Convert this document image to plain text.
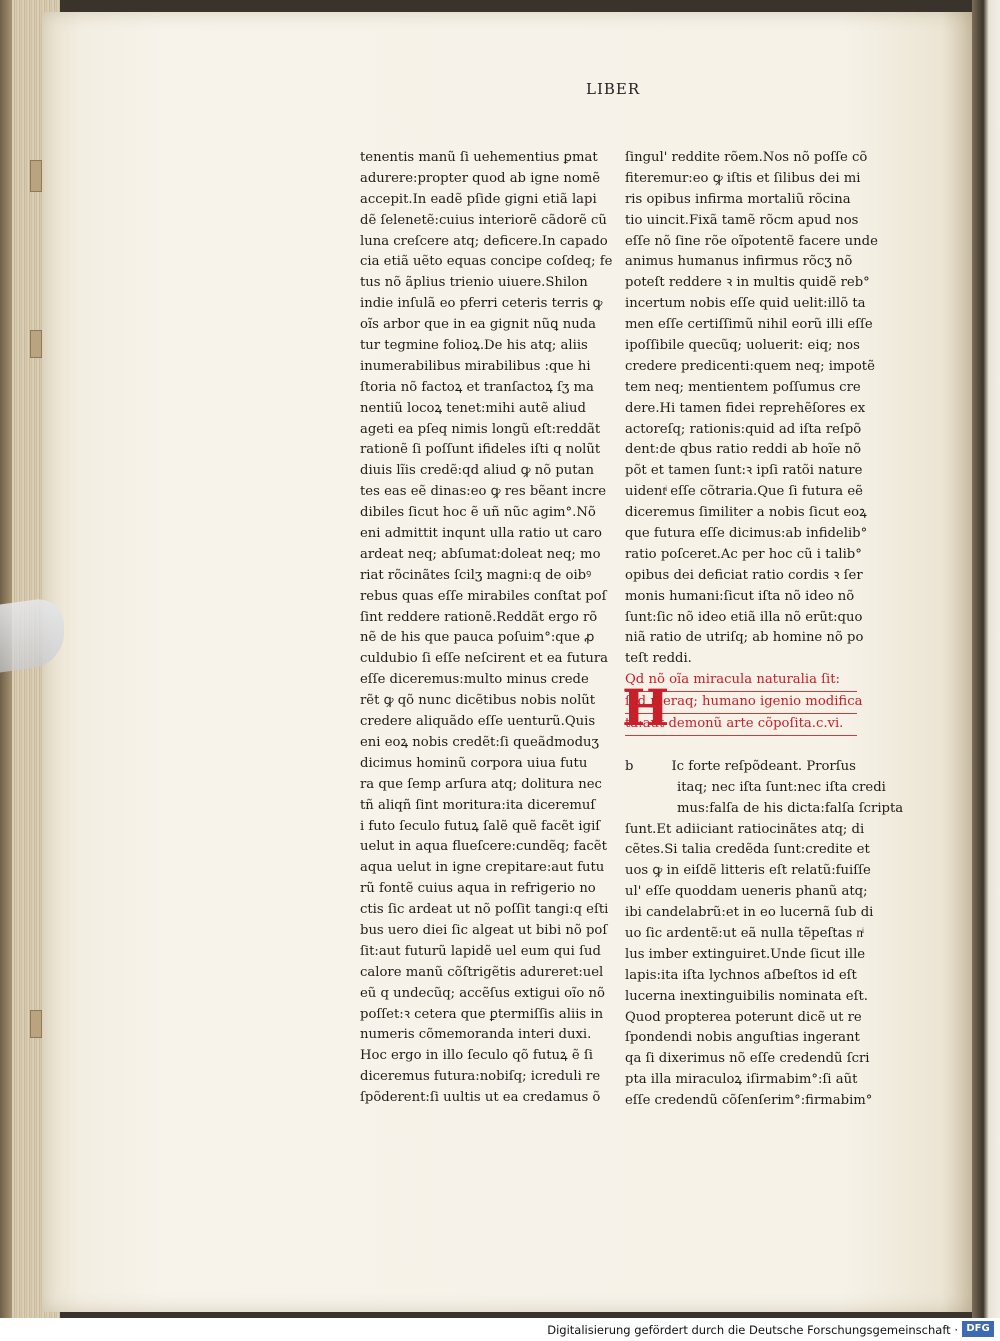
LIBER
tenentis manũ ſi uehementius ꝑmat
adurere:propter quod ab igne nomẽ
accepit.In eadẽ pſide gigni etiã lapi
dẽ ſelenetẽ:cuius interiorẽ cãdorẽ cũ
luna creſcere atq; deficere.In capado
cia etiã uẽto equas concipe coſdeq; fe
tus nõ ãplius trienio uiuere.Shilon
indie inſulã eo pferri ceteris terris ꝙ
oĩs arbor que in ea gignit nũꝗ nuda
tur tegmine folioꝝ.De his atq; aliis
inumerabilibus mirabilibus :que hi
ſtoria nõ factoꝝ et tranſactoꝝ ſʒ ma
nentiũ locoꝝ tenet:mihi autẽ aliud
ageti ea pſeq nimis longũ eſt:reddãt
rationẽ ſi poſſunt ifideles iſti q nolũt
diuis lĩis credẽ:qd aliud ꝙ nõ putan
tes eas eẽ dinas:eo ꝙ res bẽant incre
dibiles ſicut hoc ẽ uñ nũc agim°.Nõ
eni admittit inqunt ulla ratio ut caro
ardeat neq; abſumat:doleat neq; mo
riat rõcinãtes ſcilʒ magni:q de oibꝰ
rebus quas eſſe mirabiles conſtat poſ
ſint reddere rationẽ.Reddãt ergo rõ
nẽ de his que pauca poſuim°:que ꝓ
culdubio ſi eſſe neſcirent et ea futura
eſſe diceremus:multo minus crede
rẽt ꝙ qõ nunc dicẽtibus nobis nolũt
credere aliquãdo eſſe uenturũ.Quis
eni eoꝝ nobis credẽt:ſi queãdmoduʒ
dicimus hominũ corpora uiua futu
ra que ſemp arſura atq; dolitura nec
tñ aliqñ ſint moritura:ita diceremuſ
i futo ſeculo futuꝝ ſalẽ quẽ facẽt igiſ
uelut in aqua flueſcere:cundẽq; facẽt
aqua uelut in igne crepitare:aut futu
rũ fontẽ cuius aqua in refrigerio no
ctis ſic ardeat ut nõ poſſit tangi:q eſti
bus uero diei ſic algeat ut bibi nõ poſ
ſit:aut futurũ lapidẽ uel eum qui ſud
calore manũ cõſtrigẽtis adureret:uel
eũ q undecũq; accẽſus extigui oĩo nõ
poſſet:ꝛ cetera que ꝑtermiſſis aliis in
numeris cõmemoranda interi duxi.
Hoc ergo in illo ſeculo qõ futuꝝ ẽ ſi
diceremus futura:nobiſq; icreduli re
ſpõderent:ſi uultis ut ea credamus õ
ſingul' reddite rõem.Nos nõ poſſe cõ
fiteremur:eo ꝙ iſtis et ſilibus dei mi
ris opibus infirma mortaliũ rõcina
tio uincit.Fixã tamẽ rõcm apud nos
eſſe nõ ſine rõe oĩpotentẽ facere unde
animus humanus infirmus rõcʒ nõ
poteſt reddere ꝛ in multis quidẽ reb°
incertum nobis eſſe quid uelit:illõ ta
men eſſe certiſſimũ nihil eorũ illi eſſe
ipoſſibile quecũq; uoluerit: eiq; nos
credere predicenti:quem neq; impotẽ
tem neq; mentientem poſſumus cre
dere.Hi tamen fidei reprehẽſores ex
actoreſq; rationis:quid ad iſta reſpõ
dent:de qbus ratio reddi ab hoĩe nõ
põt et tamen ſunt:ꝛ ipſi ratõi nature
uidentͥ eſſe cõtraria.Que ſi futura eẽ
diceremus ſimiliter a nobis ſicut eoꝝ
que futura eſſe dicimus:ab infidelib°
ratio poſceret.Ac per hoc cũ i talib°
opibus dei deficiat ratio cordis ꝛ ſer
monis humani:ſicut iſta nõ ideo nõ
ſunt:ſic nõ ideo etiã illa nõ erũt:quo
niã ratio de utriſq; ab homine nõ po
teſt reddi.
Qd nõ oĩa miracula naturalia ſit:
ſed pleraq; humano igenio modifica
ta:aut demonũ arte cõpoſita.c.vi.
b	Ic forte reſpõdeant. Prorſus
itaq; nec iſta ſunt:nec iſta credi
mus:falſa de his dicta:falſa ſcripta
ſunt.Et adiiciant ratiocinãtes atq; di
cẽtes.Si talia credẽda ſunt:credite et
uos ꝙ in eiſdẽ litteris eſt relatũ:fuiſſe
ul' eſſe quoddam ueneris phanũ atq;
ibi candelabrũ:et in eo lucernã ſub di
uo ſic ardentẽ:ut eã nulla tẽpeſtas nͥ
lus imber extinguiret.Unde ſicut ille
lapis:ita iſta lychnos aſbeſtos id eſt
lucerna inextinguibilis nominata eſt.
Quod propterea poterunt dicẽ ut re
ſpondendi nobis anguſtias ingerant
qa ſi dixerimus nõ eſſe credendũ ſcri
pta illa miraculoꝝ iſirmabim°:ſi aũt
eſſe credendũ cõſenſerim°:firmabim°
H
Digitalisierung gefördert durch die Deutsche Forschungsgemeinschaft · DFG
